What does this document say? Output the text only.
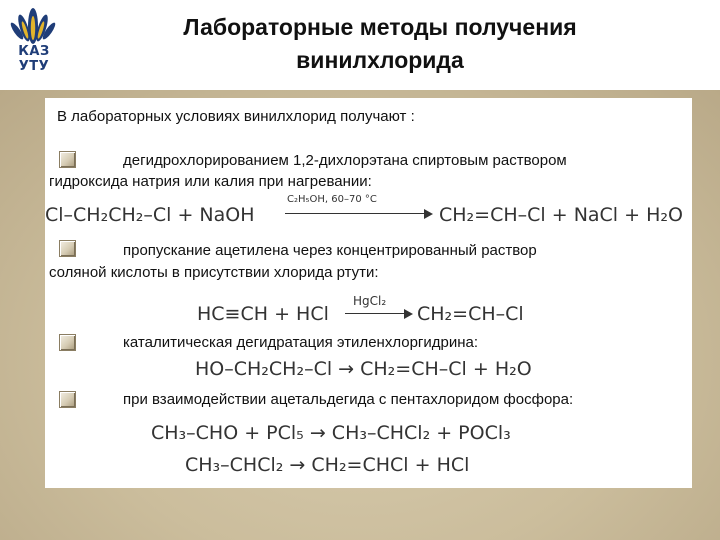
КАЗ УТУ
Лабораторные методы получения
винилхлорида
В лабораторных условиях винилхлорид получают :
дегидрохлорированием 1,2-дихлорэтана спиртовым раствором
гидроксида натрия или калия при нагревании:
Cl–CH₂CH₂–Cl + NaOH
C₂H₅OH, 60–70 °C
CH₂=CH–Cl + NaCl + H₂O
пропускание ацетилена через концентрированный раствор
соляной кислоты в присутствии хлорида ртути:
HC≡CH + HCl
HgCl₂
CH₂=CH–Cl
каталитическая дегидратация этиленхлоргидрина:
HO–CH₂CH₂–Cl → CH₂=CH–Cl + H₂O
при взаимодействии ацетальдегида с пентахлоридом фосфора:
CH₃–CHO + PCl₅ → CH₃–CHCl₂ + POCl₃
CH₃–CHCl₂ → CH₂=CHCl + HCl
